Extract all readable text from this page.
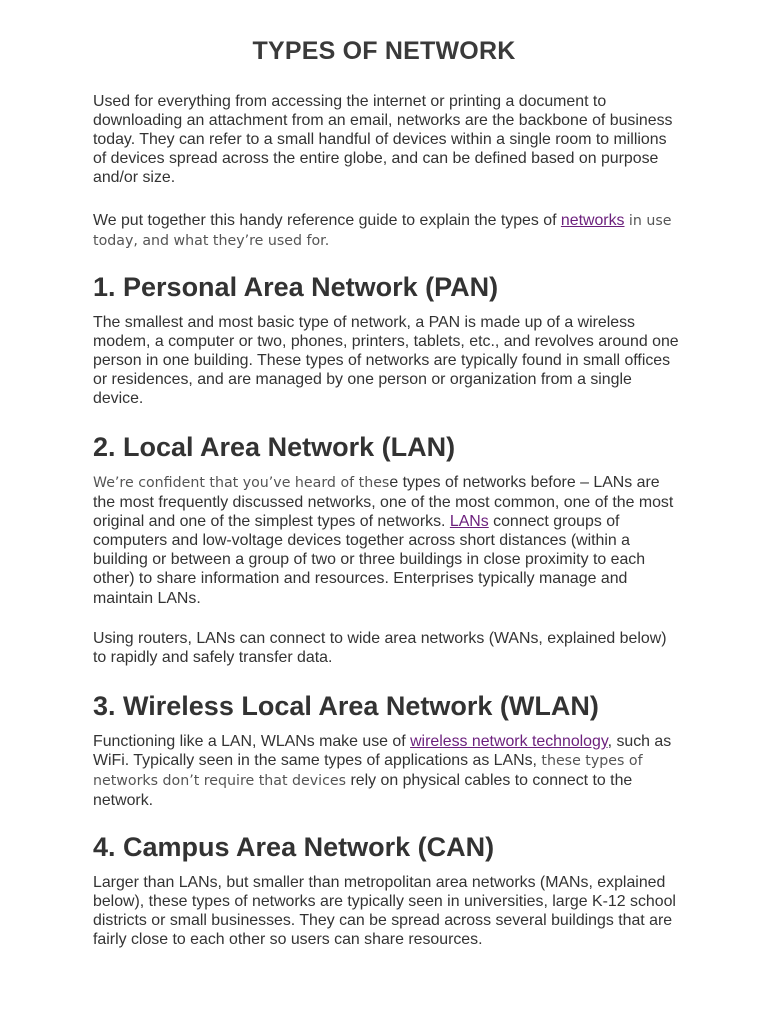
TYPES OF NETWORK

Used for everything from accessing the internet or printing a document to downloading an attachment from an email, networks are the backbone of business today. They can refer to a small handful of devices within a single room to millions of devices spread across the entire globe, and can be defined based on purpose and/or size.

We put together this handy reference guide to explain the types of networks in use today, and what they’re used for.

1. Personal Area Network (PAN)

The smallest and most basic type of network, a PAN is made up of a wireless modem, a computer or two, phones, printers, tablets, etc., and revolves around one person in one building. These types of networks are typically found in small offices or residences, and are managed by one person or organization from a single device.

2. Local Area Network (LAN)

We’re confident that you’ve heard of these types of networks before – LANs are the most frequently discussed networks, one of the most common, one of the most original and one of the simplest types of networks. LANs connect groups of computers and low-voltage devices together across short distances (within a building or between a group of two or three buildings in close proximity to each other) to share information and resources. Enterprises typically manage and maintain LANs.

Using routers, LANs can connect to wide area networks (WANs, explained below) to rapidly and safely transfer data.

3. Wireless Local Area Network (WLAN)

Functioning like a LAN, WLANs make use of wireless network technology, such as WiFi. Typically seen in the same types of applications as LANs, these types of networks don’t require that devices rely on physical cables to connect to the network.

4. Campus Area Network (CAN)

Larger than LANs, but smaller than metropolitan area networks (MANs, explained below), these types of networks are typically seen in universities, large K-12 school districts or small businesses. They can be spread across several buildings that are fairly close to each other so users can share resources.
